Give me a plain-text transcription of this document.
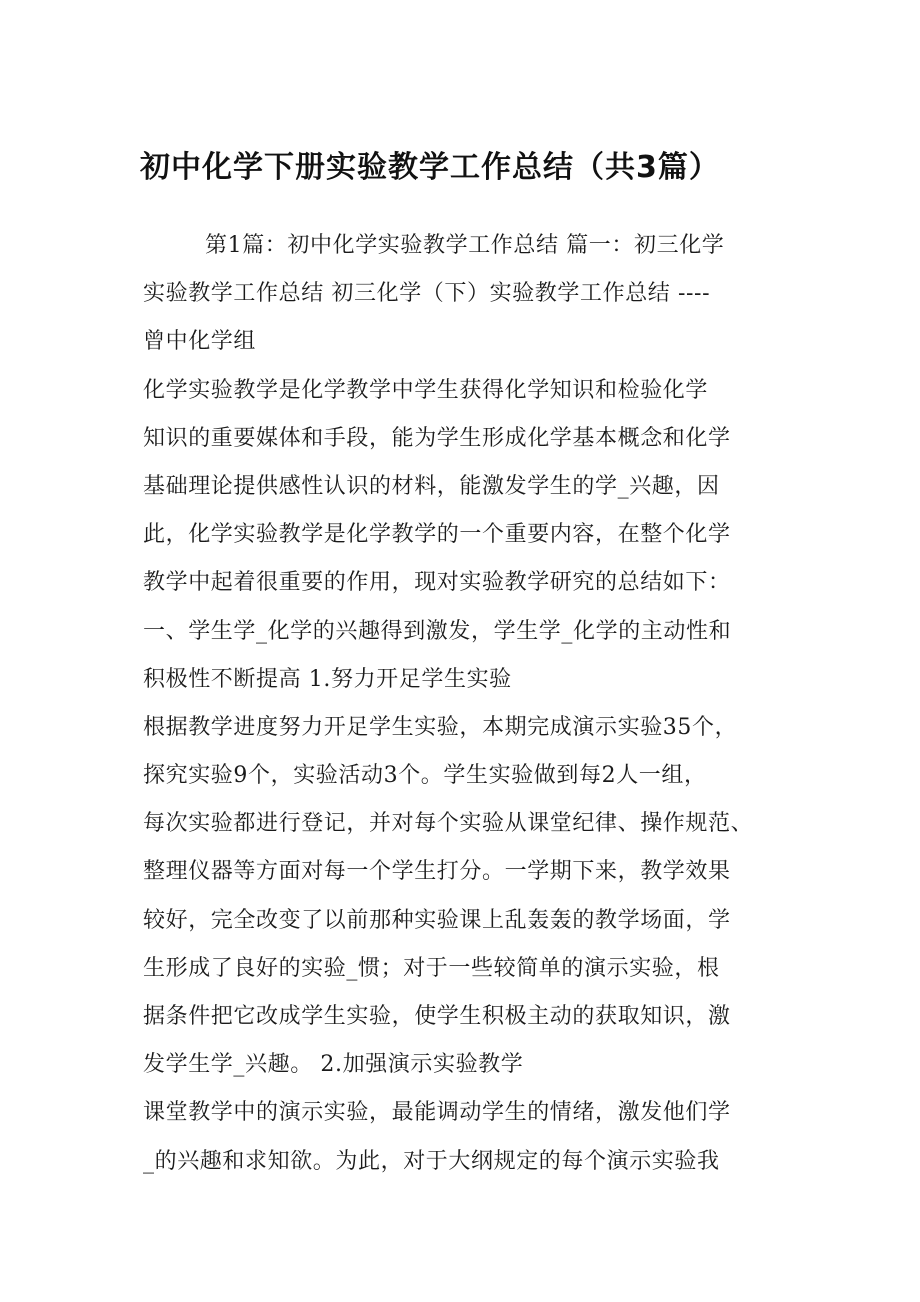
初中化学下册实验教学工作总结（共3篇）
第1篇：初中化学实验教学工作总结 篇一：初三化学
实验教学工作总结 初三化学（下）实验教学工作总结 ----
曾中化学组
化学实验教学是化学教学中学生获得化学知识和检验化学
知识的重要媒体和手段，能为学生形成化学基本概念和化学
基础理论提供感性认识的材料，能激发学生的学_兴趣，因
此，化学实验教学是化学教学的一个重要内容，在整个化学
教学中起着很重要的作用，现对实验教学研究的总结如下：
一、学生学_化学的兴趣得到激发，学生学_化学的主动性和
积极性不断提高 1.努力开足学生实验
根据教学进度努力开足学生实验，本期完成演示实验35个，
探究实验9个，实验活动3个。学生实验做到每2人一组，
每次实验都进行登记，并对每个实验从课堂纪律、操作规范、
整理仪器等方面对每一个学生打分。一学期下来，教学效果
较好，完全改变了以前那种实验课上乱轰轰的教学场面，学
生形成了良好的实验_惯；对于一些较简单的演示实验，根
据条件把它改成学生实验，使学生积极主动的获取知识，激
发学生学_兴趣。 2.加强演示实验教学
课堂教学中的演示实验，最能调动学生的情绪，激发他们学
_的兴趣和求知欲。为此，对于大纲规定的每个演示实验我
